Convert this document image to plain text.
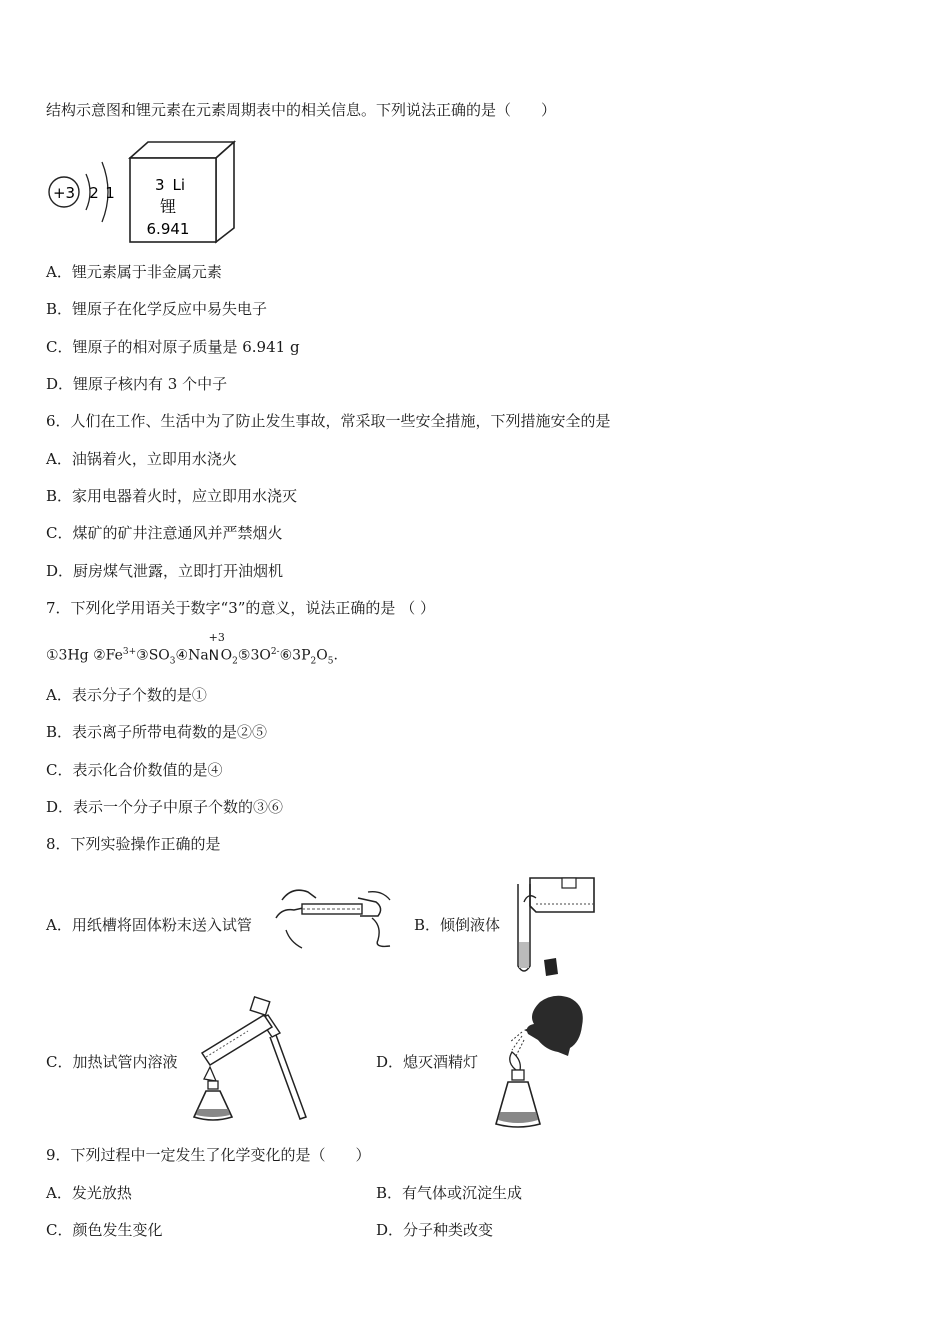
结构示意图和锂元素在元素周期表中的相关信息。下列说法正确的是（　　）
+3 2 1	3 Li
锂
6.941
A．锂元素属于非金属元素
B．锂原子在化学反应中易失电子
C．锂原子的相对原子质量是 6.941 g
D．锂原子核内有 3 个中子
6．人们在工作、生活中为了防止发生事故，常采取一些安全措施，下列措施安全的是
A．油锅着火，立即用水浇火
B．家用电器着火时，应立即用水浇灭
C．煤矿的矿井注意通风并严禁烟火
D．厨房煤气泄露，立即打开油烟机
7．下列化学用语关于数字“3”的意义，说法正确的是 （ ）
①3Hg $②Fe^{3+}③SO_3④Na$
+3
N $O_2⑤3O^{2-}⑥3P_2O_5$.
A．表示分子个数的是①
B．表示离子所带电荷数的是②⑤
C．表示化合价数值的是④
D．表示一个分子中原子个数的③⑥
8．下列实验操作正确的是
A．用纸槽将固体粉末送入试管	B．倾倒液体
C．加热试管内溶液	D．熄灭酒精灯
9．下列过程中一定发生了化学变化的是（　　）
A．发光放热	B．有气体或沉淀生成
C．颜色发生变化	D．分子种类改变
